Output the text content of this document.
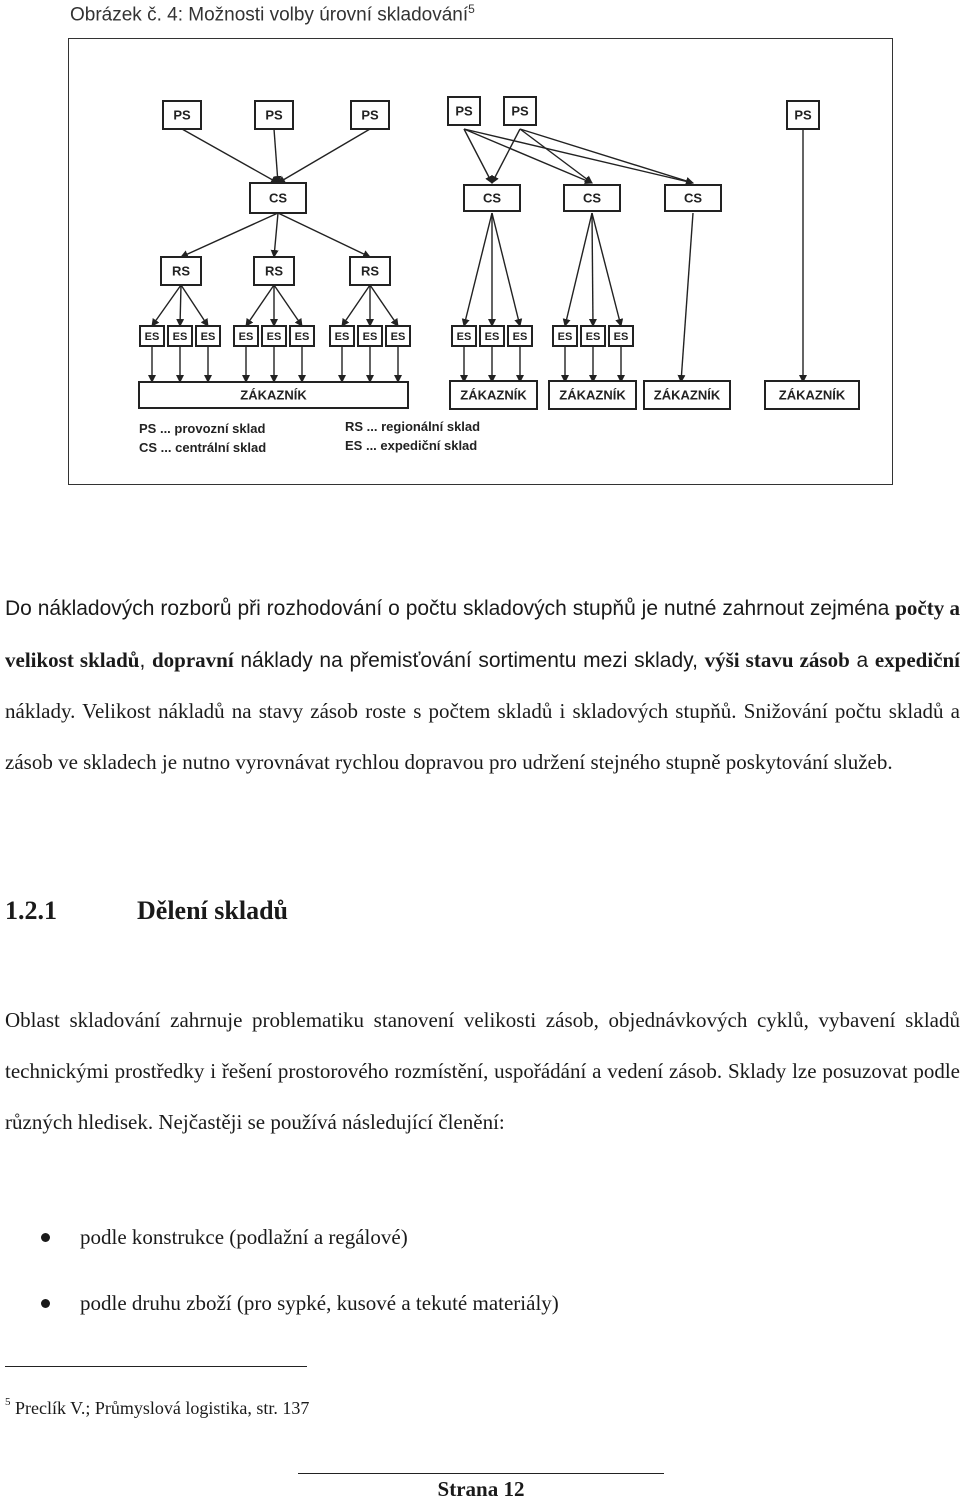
Obrázek č. 4: Možnosti volby úrovní skladování$^5$
PS	PS	PS
CS
RS	RS	RS
ES ES ES ES ES ES ES ES ES
PS	PS
CS	CS	CS
ES ES ES	ES ES ES
PS
ZÁKAZNÍK	ZÁKAZNÍK	ZÁKAZNÍK ZÁKAZNÍK	ZÁKAZNÍK
PS ... provozní sklad
CS ... centrální sklad
RS ... regionální sklad
ES ... expediční sklad

Do nákladových rozborů při rozhodování o počtu skladových stupňů je nutné zahrnout zejména počty a velikost skladů, dopravní náklady na přemisťování sortimentu mezi sklady, výši stavu zásob a expediční náklady. Velikost nákladů na stavy zásob roste s počtem skladů i skladových stupňů. Snižování počtu skladů a zásob ve skladech je nutno vyrovnávat rychlou dopravou pro udržení stejného stupně poskytování služeb.

1.2.1	Dělení skladů

Oblast skladování zahrnuje problematiku stanovení velikosti zásob, objednávkových cyklů, vybavení skladů technickými prostředky i řešení prostorového rozmístění, uspořádání a vedení zásob. Sklady lze posuzovat podle různých hledisek. Nejčastěji se používá následující členění:

podle konstrukce (podlažní a regálové)
podle druhu zboží (pro sypké, kusové a tekuté materiály)
$^5$ Preclík V.; Průmyslová logistika, str. 137
Strana 12
